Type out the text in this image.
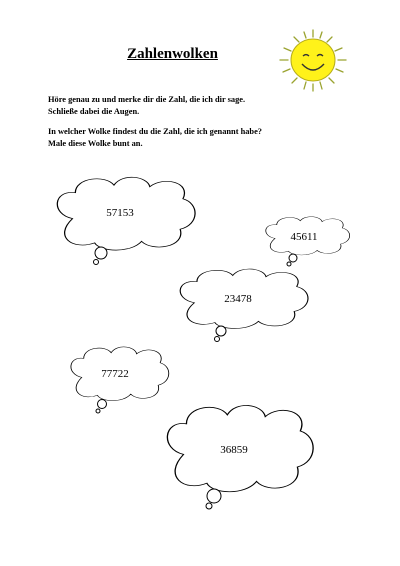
Zahlenwolken

Höre genau zu und merke dir die Zahl, die ich dir sage.

Schließe dabei die Augen.

In welcher Wolke findest du die Zahl, die ich genannt habe?

Male diese Wolke bunt an.

57153
45611
23478
77722
36859
